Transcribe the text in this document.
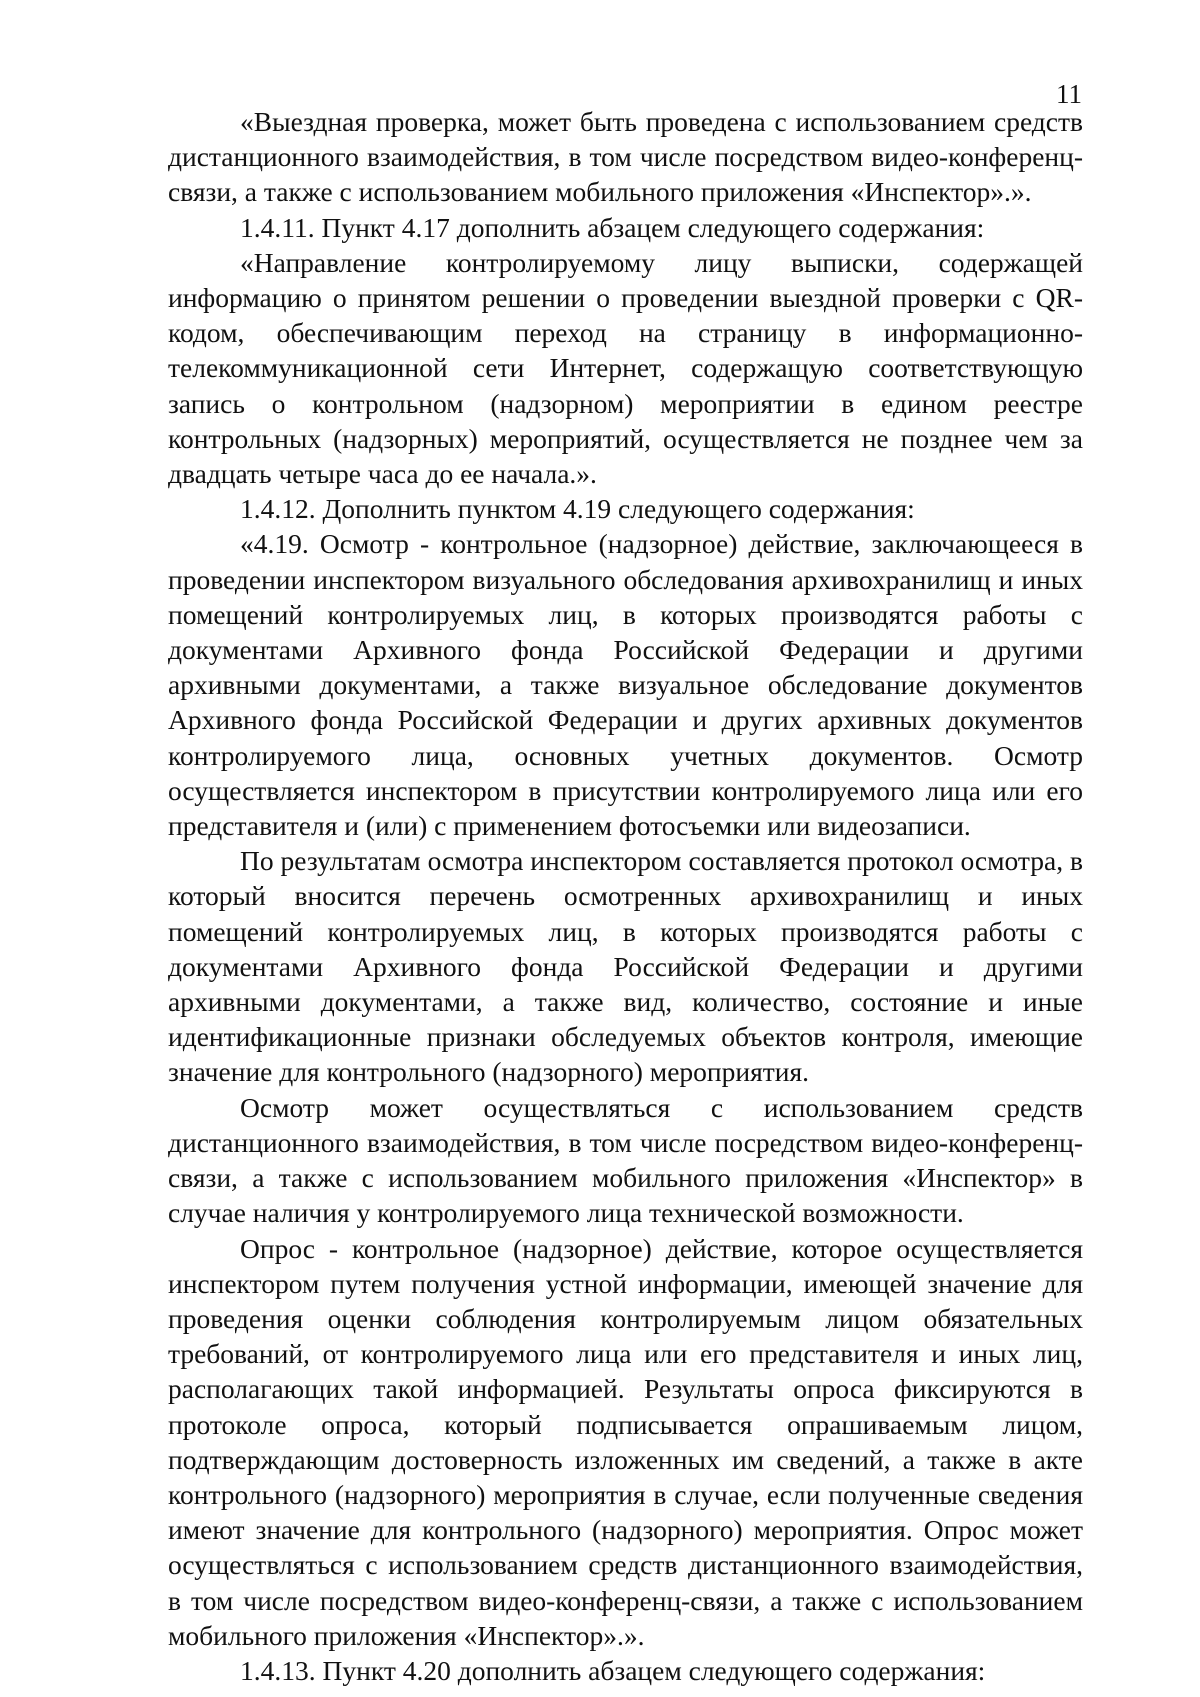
11

«Выездная проверка, может быть проведена с использованием средств дистанционного взаимодействия, в том числе посредством видео-конференц-связи, а также с использованием мобильного приложения «Инспектор».».

1.4.11. Пункт 4.17 дополнить абзацем следующего содержания:

«Направление контролируемому лицу выписки, содержащей информацию о принятом решении о проведении выездной проверки с QR-кодом, обеспечивающим переход на страницу в информационно-телекоммуникационной сети Интернет, содержащую соответствующую запись о контрольном (надзорном) мероприятии в едином реестре контрольных (надзорных) мероприятий, осуществляется не позднее чем за двадцать четыре часа до ее начала.».

1.4.12. Дополнить пунктом 4.19 следующего содержания:

«4.19. Осмотр - контрольное (надзорное) действие, заключающееся в проведении инспектором визуального обследования архивохранилищ и иных помещений контролируемых лиц, в которых производятся работы с документами Архивного фонда Российской Федерации и другими архивными документами, а также визуальное обследование документов Архивного фонда Российской Федерации и других архивных документов контролируемого лица, основных учетных документов. Осмотр осуществляется инспектором в присутствии контролируемого лица или его представителя и (или) с применением фотосъемки или видеозаписи.

По результатам осмотра инспектором составляется протокол осмотра, в который вносится перечень осмотренных архивохранилищ и иных помещений контролируемых лиц, в которых производятся работы с документами Архивного фонда Российской Федерации и другими архивными документами, а также вид, количество, состояние и иные идентификационные признаки обследуемых объектов контроля, имеющие значение для контрольного (надзорного) мероприятия.

Осмотр может осуществляться с использованием средств дистанционного взаимодействия, в том числе посредством видео-конференц-связи, а также с использованием мобильного приложения «Инспектор» в случае наличия у контролируемого лица технической возможности.

Опрос - контрольное (надзорное) действие, которое осуществляется инспектором путем получения устной информации, имеющей значение для проведения оценки соблюдения контролируемым лицом обязательных требований, от контролируемого лица или его представителя и иных лиц, располагающих такой информацией. Результаты опроса фиксируются в протоколе опроса, который подписывается опрашиваемым лицом, подтверждающим достоверность изложенных им сведений, а также в акте контрольного (надзорного) мероприятия в случае, если полученные сведения имеют значение для контрольного (надзорного) мероприятия. Опрос может осуществляться с использованием средств дистанционного взаимодействия, в том числе посредством видео-конференц-связи, а также с использованием мобильного приложения «Инспектор».».

1.4.13. Пункт 4.20 дополнить абзацем следующего содержания:
